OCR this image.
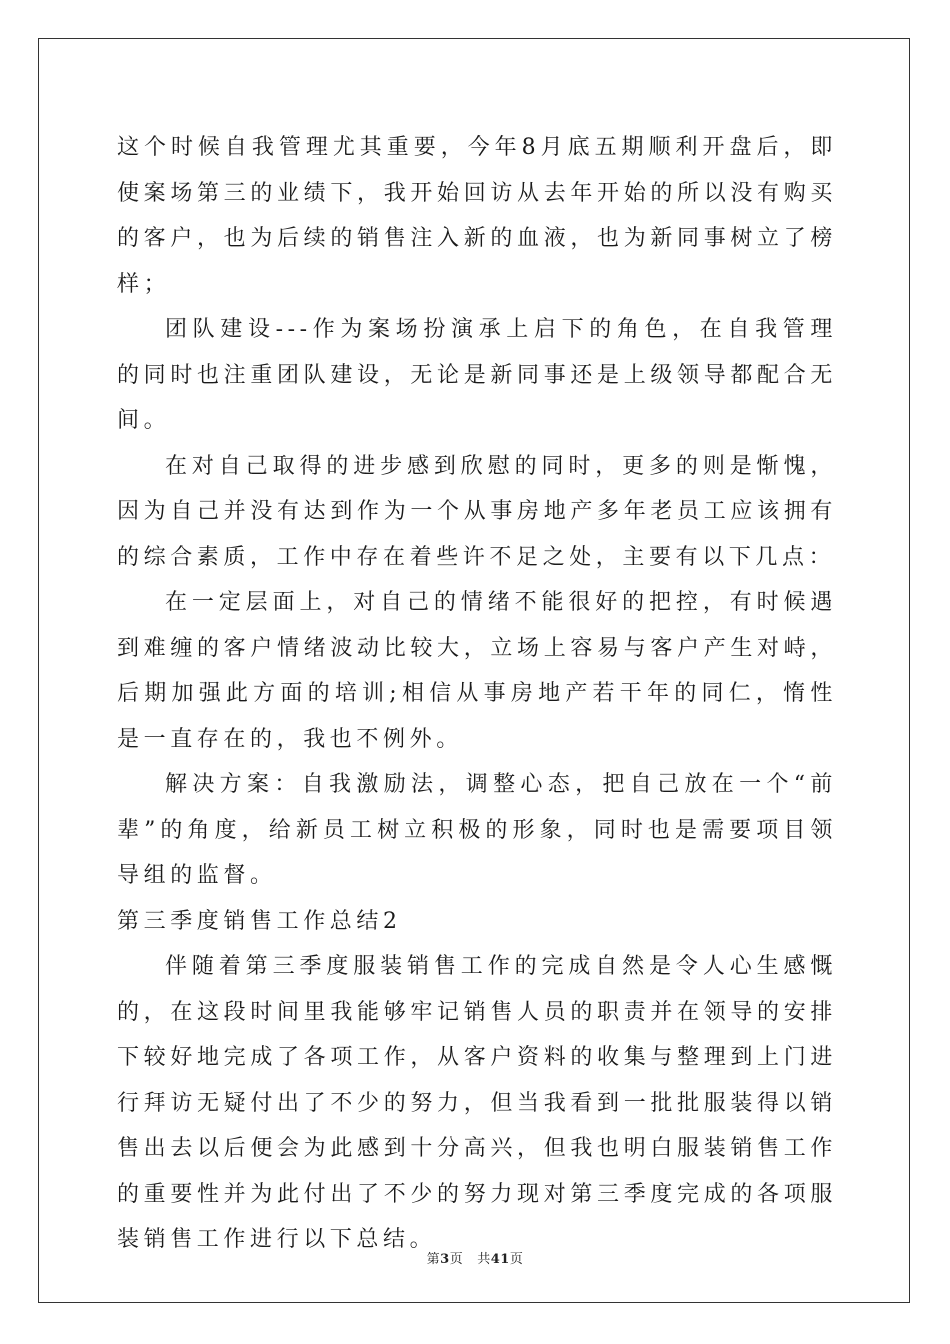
这个时候自我管理尤其重要，今年8月底五期顺利开盘后，即使案场第三的业绩下，我开始回访从去年开始的所以没有购买的客户，也为后续的销售注入新的血液，也为新同事树立了榜样；

团队建设---作为案场扮演承上启下的角色，在自我管理的同时也注重团队建设，无论是新同事还是上级领导都配合无间。

在对自己取得的进步感到欣慰的同时，更多的则是惭愧，因为自己并没有达到作为一个从事房地产多年老员工应该拥有的综合素质，工作中存在着些许不足之处，主要有以下几点：

在一定层面上，对自己的情绪不能很好的把控，有时候遇到难缠的客户情绪波动比较大，立场上容易与客户产生对峙，后期加强此方面的培训;相信从事房地产若干年的同仁，惰性是一直存在的，我也不例外。

解决方案：自我激励法，调整心态，把自己放在一个“前辈”的角度，给新员工树立积极的形象，同时也是需要项目领导组的监督。

第三季度销售工作总结2

伴随着第三季度服装销售工作的完成自然是令人心生感慨的，在这段时间里我能够牢记销售人员的职责并在领导的安排下较好地完成了各项工作，从客户资料的收集与整理到上门进行拜访无疑付出了不少的努力，但当我看到一批批服装得以销售出去以后便会为此感到十分高兴，但我也明白服装销售工作的重要性并为此付出了不少的努力现对第三季度完成的各项服装销售工作进行以下总结。

第3页 共41页
